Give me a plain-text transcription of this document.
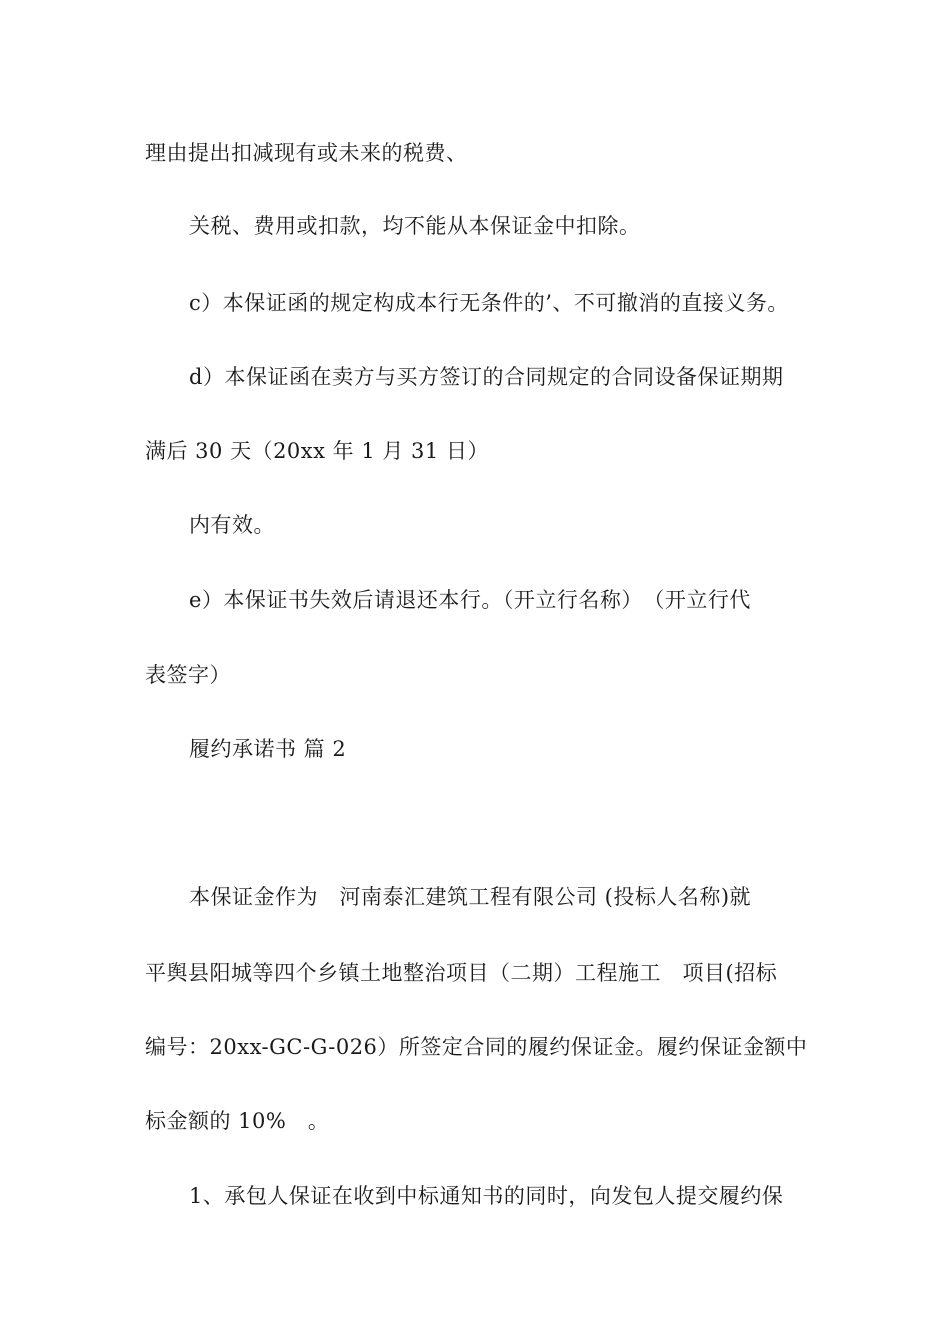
理由提出扣减现有或未来的税费、
关税、费用或扣款，均不能从本保证金中扣除。
c）本保证函的规定构成本行无条件的’、不可撤消的直接义务。
d）本保证函在卖方与买方签订的合同规定的合同设备保证期期
满后 30 天（20xx 年 1 月 31 日）
内有效。
e）本保证书失效后请退还本行。（开立行名称）　（开立行代
表签字）
履约承诺书 篇 2
本保证金作为　河南泰汇建筑工程有限公司 (投标人名称)就
平舆县阳城等四个乡镇土地整治项目（二期）工程施工　项目(招标
编号：20xx-GC-G-026）所签定合同的履约保证金。履约保证金额中
标金额的 10%　。
1、承包人保证在收到中标通知书的同时，向发包人提交履约保
